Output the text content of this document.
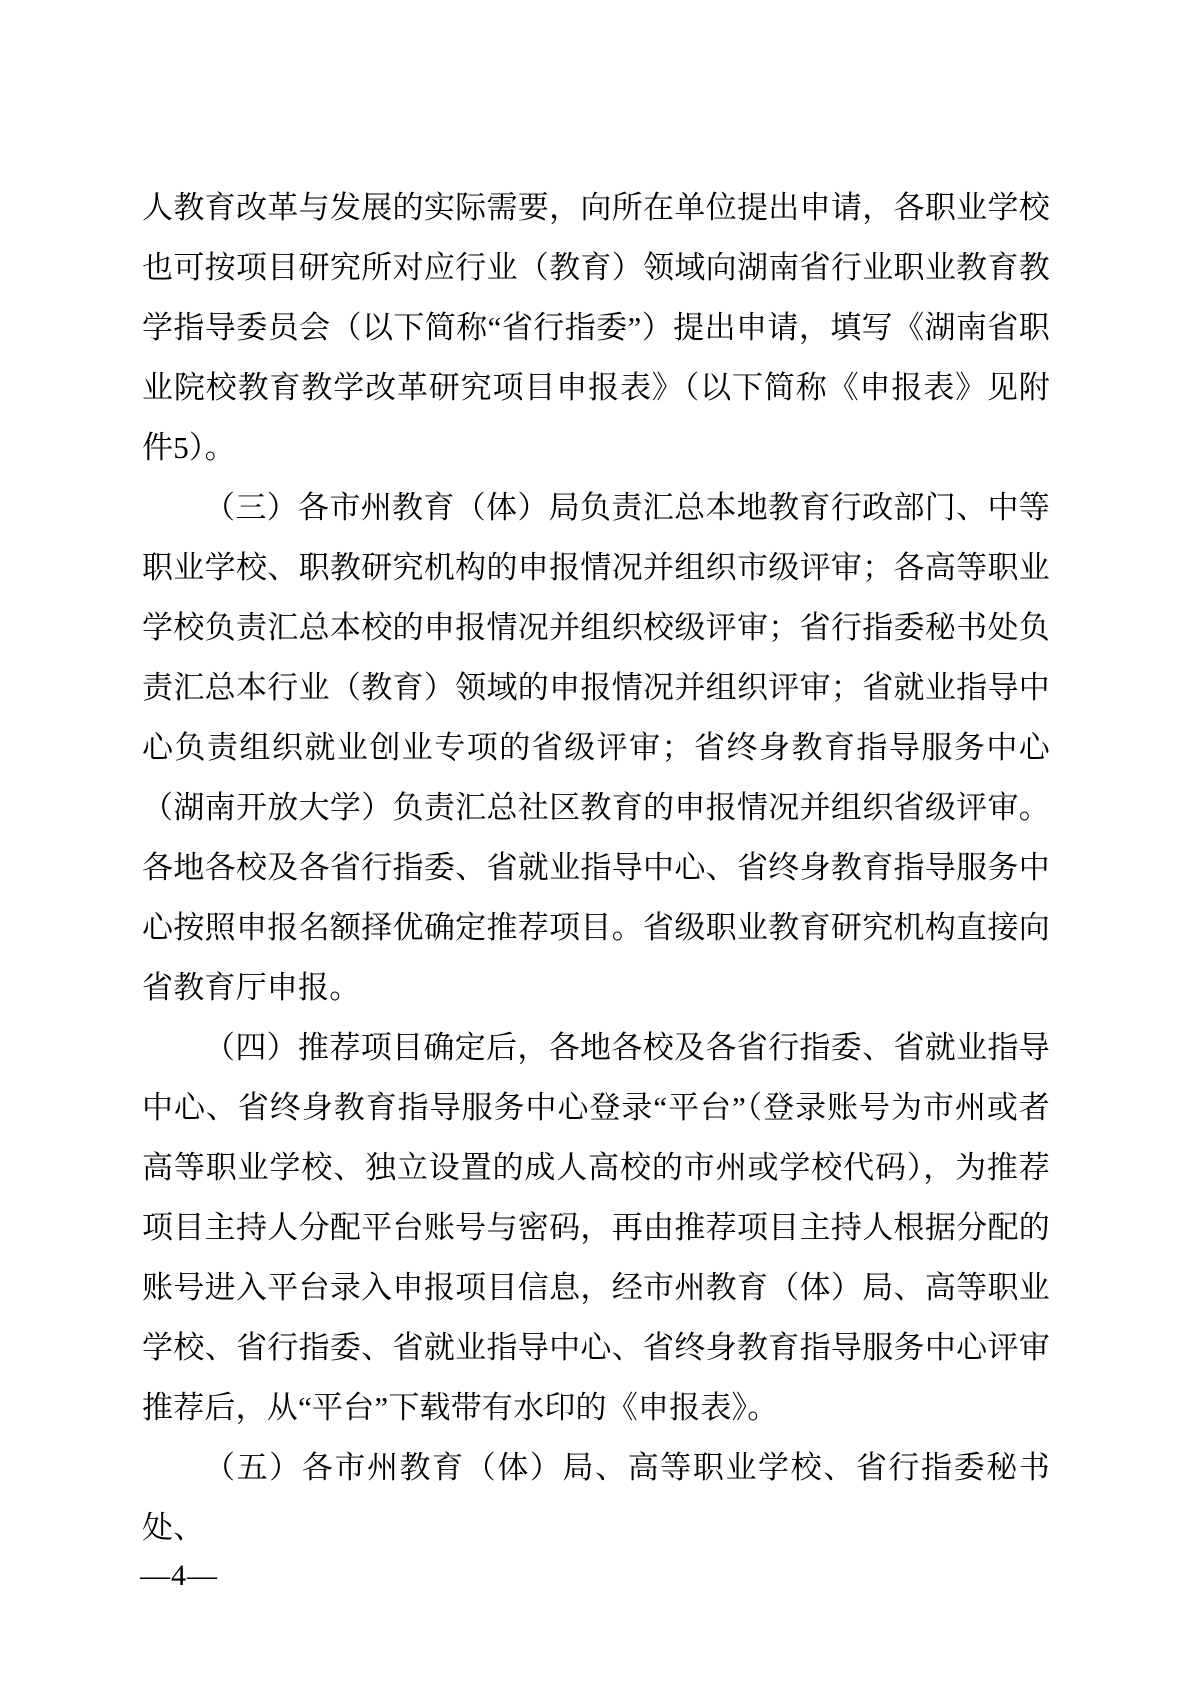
人教育改革与发展的实际需要，向所在单位提出申请，各职业学校也可按项目研究所对应行业（教育）领域向湖南省行业职业教育教学指导委员会（以下简称“省行指委”）提出申请，填写《湖南省职业院校教育教学改革研究项目申报表》（以下简称《申报表》见附件5）。

（三）各市州教育（体）局负责汇总本地教育行政部门、中等职业学校、职教研究机构的申报情况并组织市级评审；各高等职业学校负责汇总本校的申报情况并组织校级评审；省行指委秘书处负责汇总本行业（教育）领域的申报情况并组织评审；省就业指导中心负责组织就业创业专项的省级评审；省终身教育指导服务中心（湖南开放大学）负责汇总社区教育的申报情况并组织省级评审。各地各校及各省行指委、省就业指导中心、省终身教育指导服务中心按照申报名额择优确定推荐项目。省级职业教育研究机构直接向省教育厅申报。

（四）推荐项目确定后，各地各校及各省行指委、省就业指导中心、省终身教育指导服务中心登录“平台”（登录账号为市州或者高等职业学校、独立设置的成人高校的市州或学校代码），为推荐项目主持人分配平台账号与密码，再由推荐项目主持人根据分配的账号进入平台录入申报项目信息，经市州教育（体）局、高等职业学校、省行指委、省就业指导中心、省终身教育指导服务中心评审推荐后，从“平台”下载带有水印的《申报表》。

（五）各市州教育（体）局、高等职业学校、省行指委秘书处、

—4—
